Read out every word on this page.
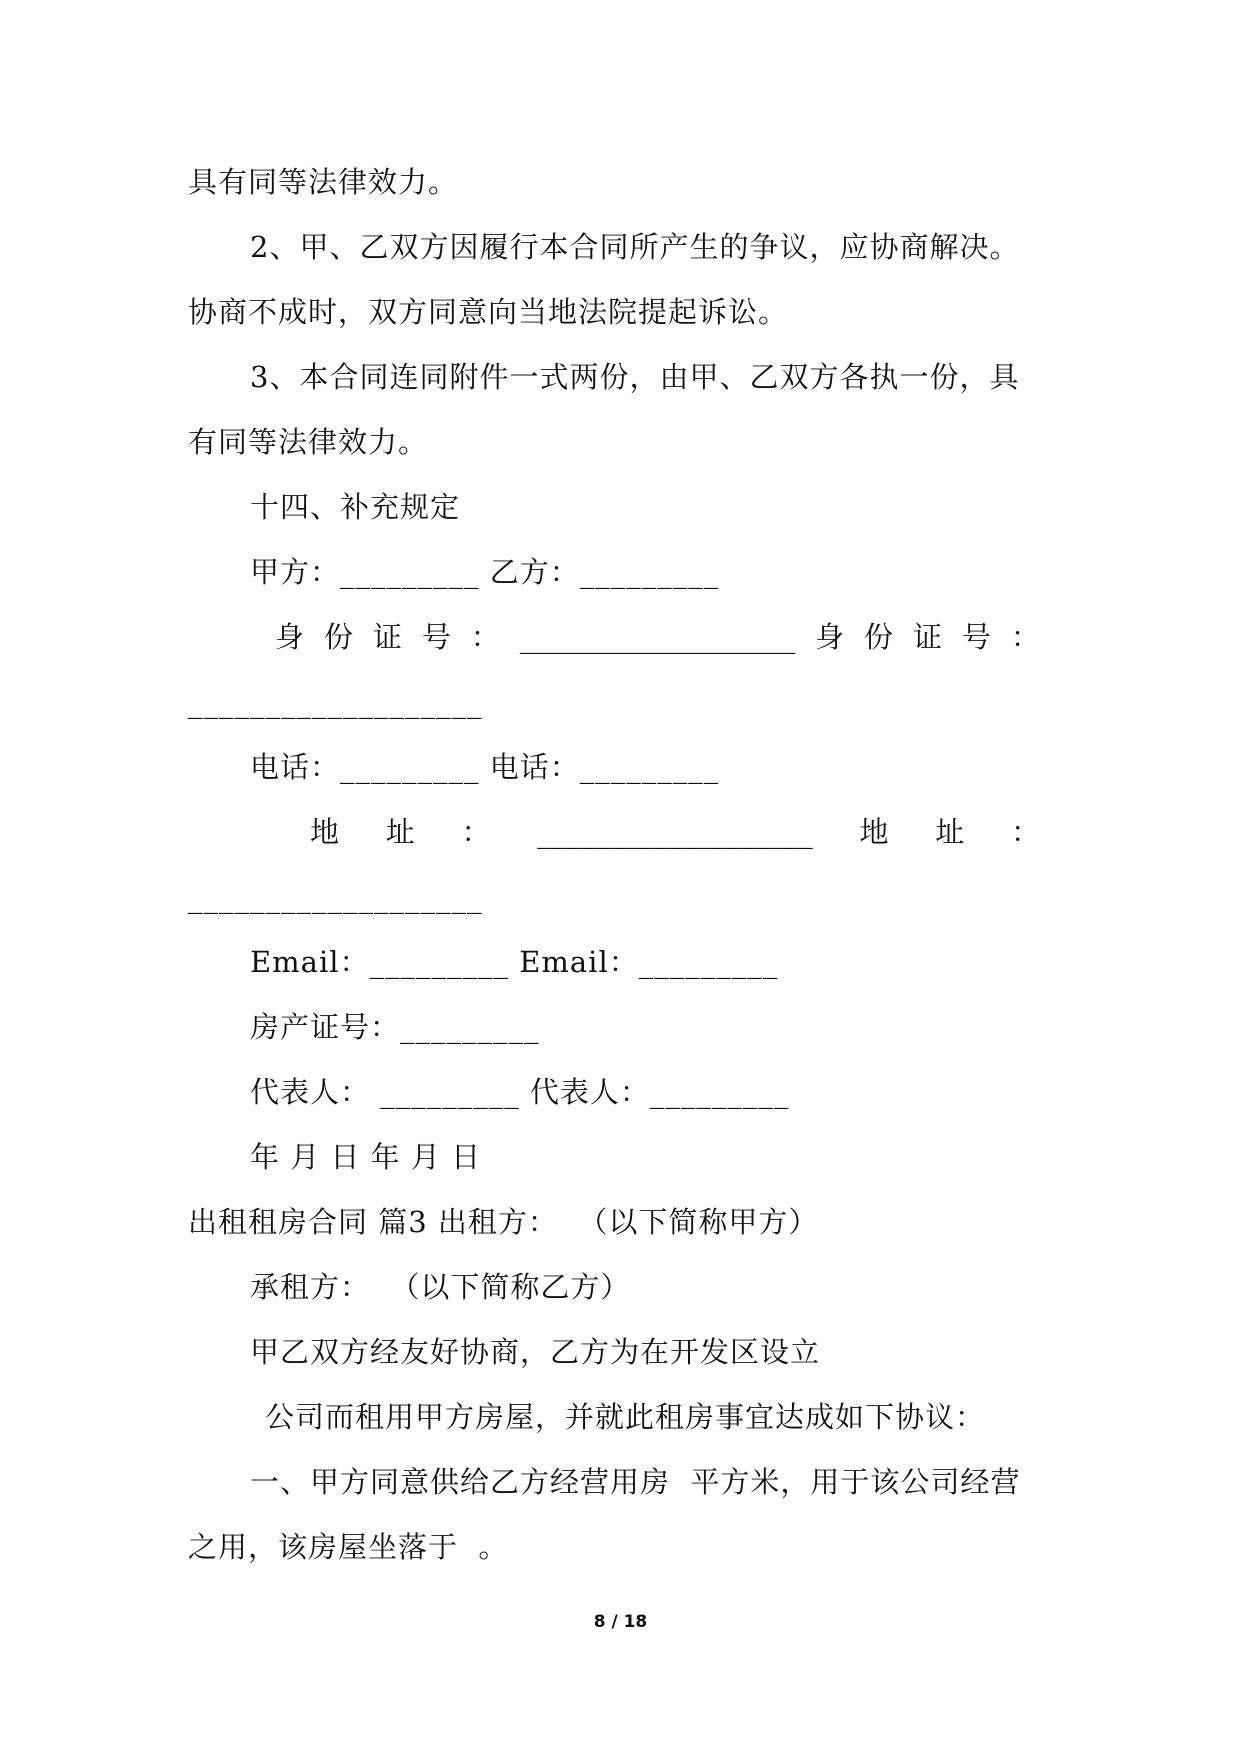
具有同等法律效力。
2、甲、乙双方因履行本合同所产生的争议，应协商解决。
协商不成时，双方同意向当地法院提起诉讼。
3、本合同连同附件一式两份，由甲、乙双方各执一份，具
有同等法律效力。
十四、补充规定
甲方：_________ 乙方：_________
身 份 证 号 ： ___________________ 身 份 证 号 ：
___________________
电话：_________ 电话：_________
地 址 ： ___________________ 地 址 ：
___________________
Email：_________ Email：_________
房产证号：_________
代表人： _________ 代表人：_________
年 月 日 年 月 日
出租租房合同 篇3 出租方：  （以下简称甲方）
承租方：  （以下简称乙方）
甲乙双方经友好协商，乙方为在开发区设立
公司而租用甲方房屋，并就此租房事宜达成如下协议：
一、甲方同意供给乙方经营用房  平方米，用于该公司经营
之用，该房屋坐落于  。
8 / 18
